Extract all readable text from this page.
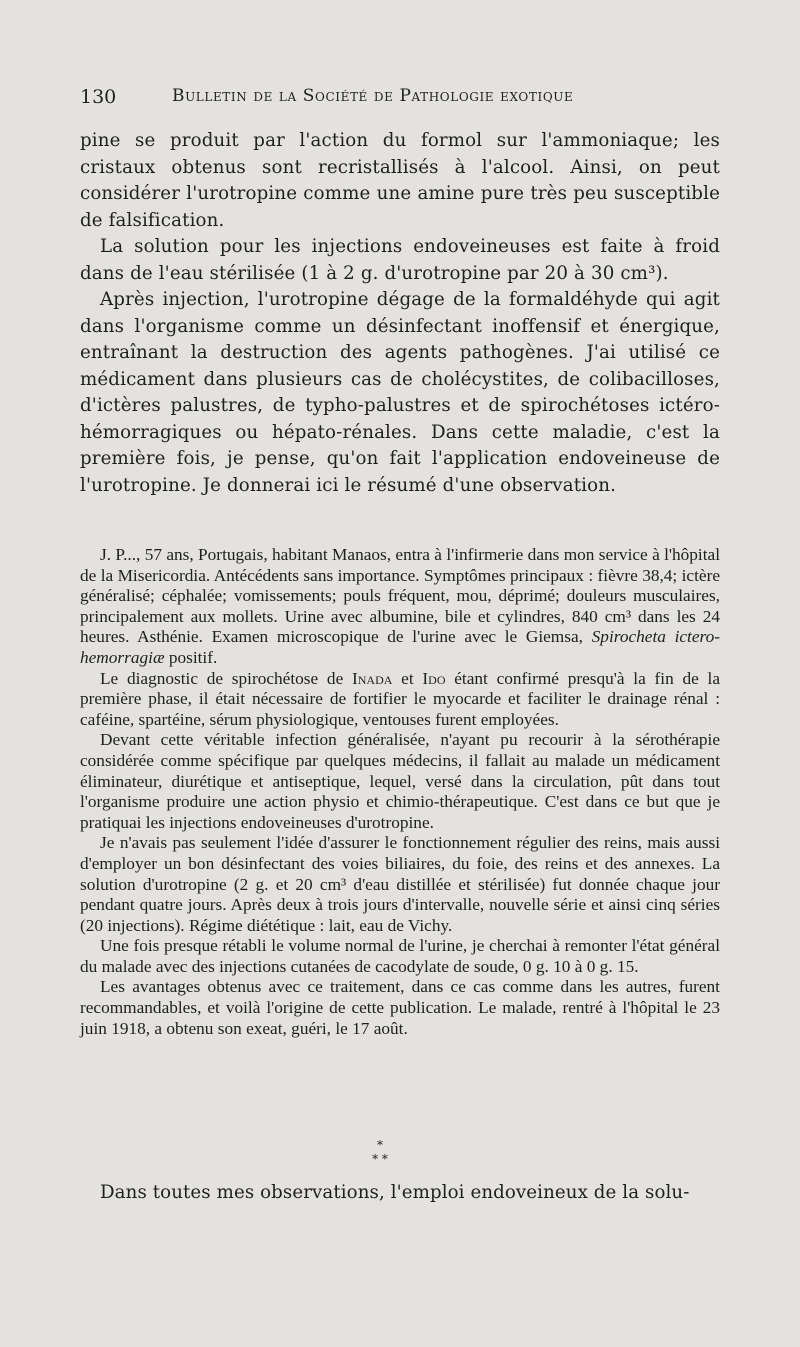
130	Bulletin de la Société de Pathologie exotique

pine se produit par l'action du formol sur l'ammoniaque; les cristaux obtenus sont recristallisés à l'alcool. Ainsi, on peut considérer l'urotropine comme une amine pure très peu susceptible de falsification.

La solution pour les injections endoveineuses est faite à froid dans de l'eau stérilisée (1 à 2 g. d'urotropine par 20 à 30 cm³).

Après injection, l'urotropine dégage de la formaldéhyde qui agit dans l'organisme comme un désinfectant inoffensif et énergique, entraînant la destruction des agents pathogènes. J'ai utilisé ce médicament dans plusieurs cas de cholécystites, de colibacilloses, d'ictères palustres, de typho-palustres et de spirochétoses ictéro-hémorragiques ou hépato-rénales. Dans cette maladie, c'est la première fois, je pense, qu'on fait l'application endoveineuse de l'urotropine. Je donnerai ici le résumé d'une observation.

J. P..., 57 ans, Portugais, habitant Manaos, entra à l'infirmerie dans mon service à l'hôpital de la Misericordia. Antécédents sans importance. Symptômes principaux : fièvre 38,4; ictère généralisé; céphalée; vomissements; pouls fréquent, mou, déprimé; douleurs musculaires, principalement aux mollets. Urine avec albumine, bile et cylindres, 840 cm³ dans les 24 heures. Asthénie. Examen microscopique de l'urine avec le Giemsa, Spirocheta ictero-hemorragiæ positif.

Le diagnostic de spirochétose de Inada et Ido étant confirmé presqu'à la fin de la première phase, il était nécessaire de fortifier le myocarde et faciliter le drainage rénal : caféine, spartéine, sérum physiologique, ventouses furent employées.

Devant cette véritable infection généralisée, n'ayant pu recourir à la sérothérapie considérée comme spécifique par quelques médecins, il fallait au malade un médicament éliminateur, diurétique et antiseptique, lequel, versé dans la circulation, pût dans tout l'organisme produire une action physio et chimio-thérapeutique. C'est dans ce but que je pratiquai les injections endoveineuses d'urotropine.

Je n'avais pas seulement l'idée d'assurer le fonctionnement régulier des reins, mais aussi d'employer un bon désinfectant des voies biliaires, du foie, des reins et des annexes. La solution d'urotropine (2 g. et 20 cm³ d'eau distillée et stérilisée) fut donnée chaque jour pendant quatre jours. Après deux à trois jours d'intervalle, nouvelle série et ainsi cinq séries (20 injections). Régime diététique : lait, eau de Vichy.

Une fois presque rétabli le volume normal de l'urine, je cherchai à remonter l'état général du malade avec des injections cutanées de cacodylate de soude, 0 g. 10 à 0 g. 15.

Les avantages obtenus avec ce traitement, dans ce cas comme dans les autres, furent recommandables, et voilà l'origine de cette publication. Le malade, rentré à l'hôpital le 23 juin 1918, a obtenu son exeat, guéri, le 17 août.

*
* *
Dans toutes mes observations, l'emploi endoveineux de la solu-
